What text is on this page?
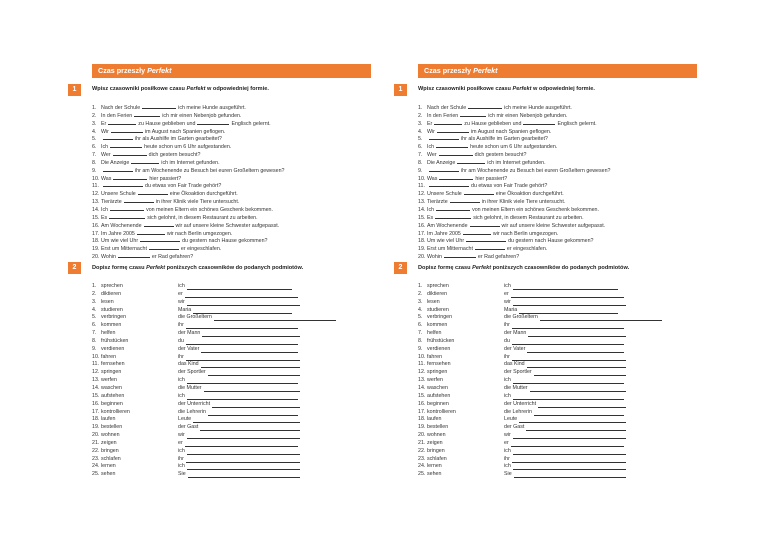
Czas przeszły Perfekt
1	Wpisz czasowniki posiłkowe czasu Perfekt w odpowiedniej formie.
1. Nach der Schule	ich meine Hunde ausgeführt.
2. In den Ferien	ich mir einen Nebenjob gefunden.
3. Er	zu Hause geblieben und	Englisch gelernt.
4. Wir	im August nach Spanien geflogen.
5.	ihr als Aushilfe im Garten gearbeitet?
6. Ich	heute schon um 6 Uhr aufgestanden.
7. Wer	dich gestern besucht?
8. Die Anzeige	ich im Internet gefunden.
9.	ihr am Wochenende zu Besuch bei euren Großeltern gewesen?
10. Was	hier passiert?
11.	du etwas von Fair Trade gehört?
12. Unsere Schule	eine Ökoaktion durchgeführt.
13. Tierärzte	in ihrer Klinik viele Tiere untersucht.
14. Ich	von meinen Eltern ein schönes Geschenk bekommen.
15. Es	sich gelohnt, in diesem Restaurant zu arbeiten.
16. Am Wochenende	wir auf unsere kleine Schwester aufgepasst.
17. Im Jahre 2005	wir nach Berlin umgezogen.
18. Um wie viel Uhr	du gestern nach Hause gekommen?
19. Erst um Mitternacht	er eingeschlafen.
20. Wohin	er Rad gefahren?
2	Dopisz formę czasu Perfekt poniższych czasowników do podanych podmiotów.
1. sprechen	ich
2. diktieren	er
3. lesen	wir
4. studieren	Maria
5. verbringen	die Großeltern
6. kommen	ihr
7. helfen	der Mann
8. frühstücken	du
9. verdienen	der Vater
10. fahren	ihr
11. fernsehen	das Kind
12. springen	der Sportler
13. werfen	ich
14. waschen	die Mutter
15. aufstehen	ich
16. beginnen	der Unterricht
17. kontrollieren	die Lehrerin
18. laufen	Leute
19. bestellen	der Gast
20. wohnen	wir
21. zeigen	er
22. bringen	ich
23. schlafen	ihr
24. lernen	ich
25. sehen	Sie
Czas przeszły Perfekt
1	Wpisz czasowniki posiłkowe czasu Perfekt w odpowiedniej formie.
1. Nach der Schule	ich meine Hunde ausgeführt.
2. In den Ferien	ich mir einen Nebenjob gefunden.
3. Er	zu Hause geblieben und	Englisch gelernt.
4. Wir	im August nach Spanien geflogen.
5.	ihr als Aushilfe im Garten gearbeitet?
6. Ich	heute schon um 6 Uhr aufgestanden.
7. Wer	dich gestern besucht?
8. Die Anzeige	ich im Internet gefunden.
9.	ihr am Wochenende zu Besuch bei euren Großeltern gewesen?
10. Was	hier passiert?
11.	du etwas von Fair Trade gehört?
12. Unsere Schule	eine Ökoaktion durchgeführt.
13. Tierärzte	in ihrer Klinik viele Tiere untersucht.
14. Ich	von meinen Eltern ein schönes Geschenk bekommen.
15. Es	sich gelohnt, in diesem Restaurant zu arbeiten.
16. Am Wochenende	wir auf unsere kleine Schwester aufgepasst.
17. Im Jahre 2005	wir nach Berlin umgezogen.
18. Um wie viel Uhr	du gestern nach Hause gekommen?
19. Erst um Mitternacht	er eingeschlafen.
20. Wohin	er Rad gefahren?
2	Dopisz formę czasu Perfekt poniższych czasowników do podanych podmiotów.
1. sprechen	ich
2. diktieren	er
3. lesen	wir
4. studieren	Maria
5. verbringen	die Großeltern
6. kommen	ihr
7. helfen	der Mann
8. frühstücken	du
9. verdienen	der Vater
10. fahren	ihr
11. fernsehen	das Kind
12. springen	der Sportler
13. werfen	ich
14. waschen	die Mutter
15. aufstehen	ich
16. beginnen	der Unterricht
17. kontrollieren	die Lehrerin
18. laufen	Leute
19. bestellen	der Gast
20. wohnen	wir
21. zeigen	er
22. bringen	ich
23. schlafen	ihr
24. lernen	ich
25. sehen	Sie
